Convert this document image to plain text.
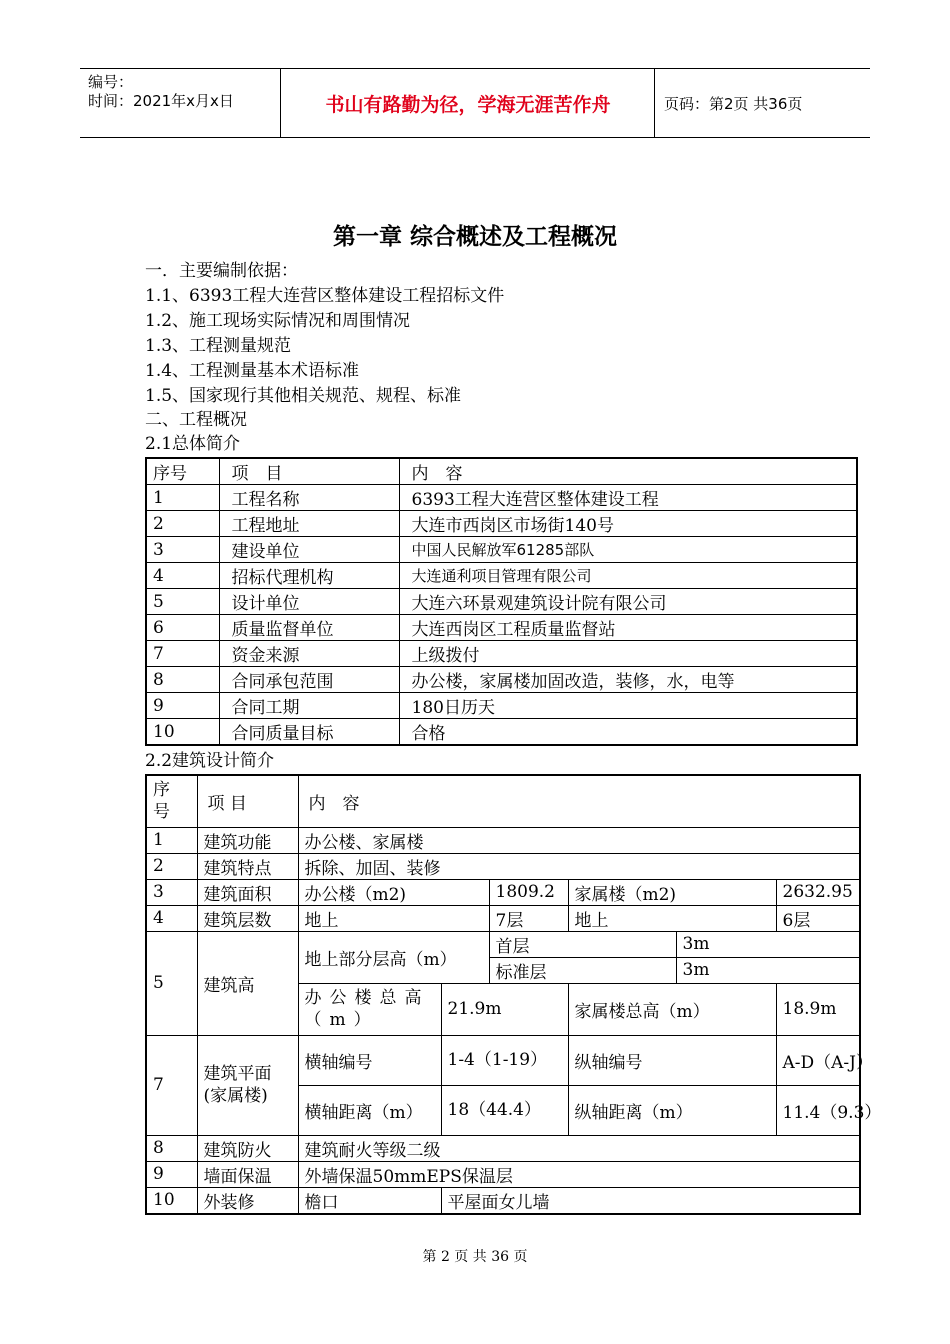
编号：
时间：2021年x月x日	书山有路勤为径，学海无涯苦作舟	页码：第2页 共36页
第一章 综合概述及工程概况
一．主要编制依据：
1.1、6393工程大连营区整体建设工程招标文件
1.2、施工现场实际情况和周围情况
1.3、工程测量规范
1.4、工程测量基本术语标准
1.5、国家现行其他相关规范、规程、标准
二、工程概况
2.1总体简介
序号	项　目	内　容
1	工程名称	6393工程大连营区整体建设工程
2	工程地址	大连市西岗区市场街140号
3	建设单位	中国人民解放军61285部队
4	招标代理机构	大连通利项目管理有限公司
5	设计单位	大连六环景观建筑设计院有限公司
6	质量监督单位	大连西岗区工程质量监督站
7	资金来源	上级拨付
8	合同承包范围	办公楼，家属楼加固改造，装修，水，电等
9	合同工期	180日历天
10	合同质量目标	合格
2.2建筑设计简介
序号	项 目	内　容					
1	建筑功能	办公楼、家属楼					
2	建筑特点	拆除、加固、装修					
3	建筑面积	办公楼（m2)		1809.2	家属楼（m2)		2632.95
4	建筑层数	地上		7层	地上		6层
5	建筑高	地上部分层高（m）		首层		3m	
				标准层		3m	
		办公楼总高（m）	21.9m		家属楼总高（m）		18.9m
7	建筑平面(家属楼)	横轴编号	1-4（1-19）		纵轴编号		A-D（A-J）
		横轴距离（m）	18（44.4）		纵轴距离（m）		11.4（9.3）
8	建筑防火	建筑耐火等级二级					
9	墙面保温	外墙保温50mmEPS保温层					
10	外装修	檐口	平屋面女儿墙				
第 2 页 共 36 页
